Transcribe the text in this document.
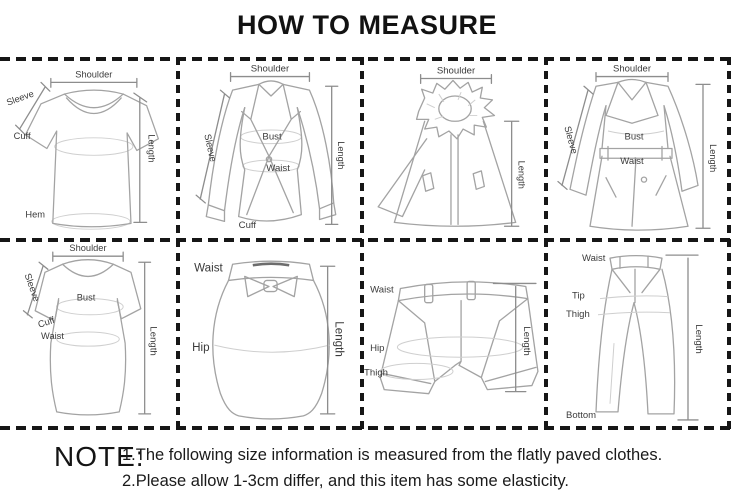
HOW TO MEASURE
Shoulder
Sleeve
Cuff	Length
Hem
Shoulder
Sleeve	Bust
Waist
Cuff
Length
Shoulder
Length
Shoulder
Sleeve	Bust
Waist	Length
Shoulder
Sleeve	Bust
Cuff
Waist	Length
Waist
Hip	Length
Waist
Hip
Thigh
Length
Waist
Tip
Thigh
Bottom
Length
NOTE:
1.The following size information is measured from the flatly paved clothes.
2.Please allow 1-3cm differ, and this item has some elasticity.
